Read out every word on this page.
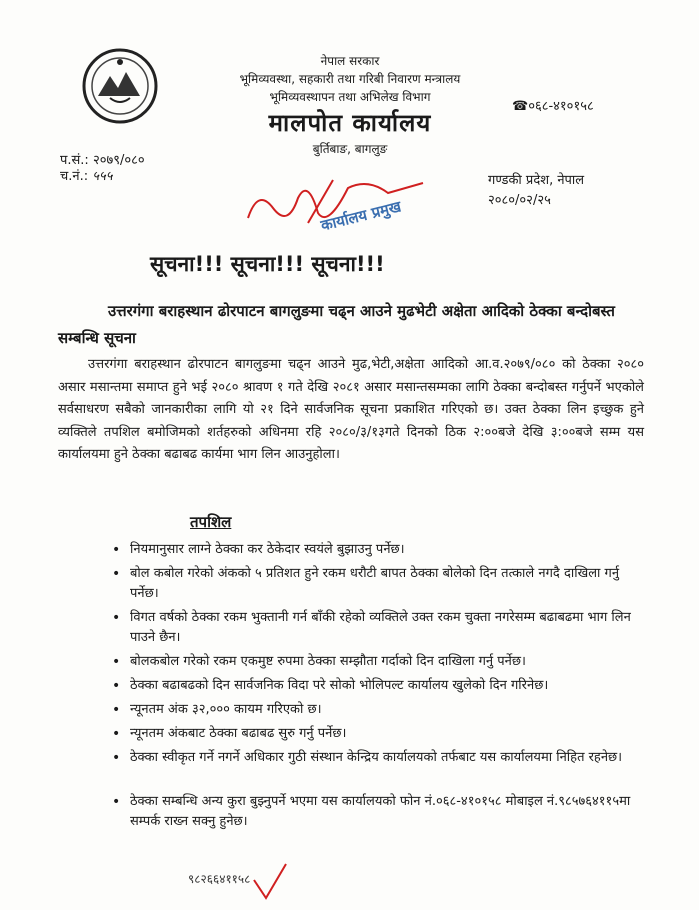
नेपाल सरकार
भूमिव्यवस्था, सहकारी तथा गरिबी निवारण मन्त्रालय
भूमिव्यवस्थापन तथा अभिलेख विभाग
मालपोत कार्यालय
बुर्तिबाङ, बागलुङ
☎०६८-४१०१५८
प.सं.: २०७९/०८०
च.नं.: ५५५	गण्डकी प्रदेश, नेपाल
२०८०/०२/२५
कार्यालय प्रमुख
सूचना!!! सूचना!!! सूचना!!!
उत्तरगंगा बराहस्थान ढोरपाटन बागलुङमा चढ्न आउने मुढभेटी अक्षेता आदिको ठेक्का बन्दोबस्त सम्बन्धि सूचना
उत्तरगंगा बराहस्थान ढोरपाटन बागलुङमा चढ्न आउने मुढ,भेटी,अक्षेता आदिको आ.व.२०७९/०८० को ठेक्का २०८० असार मसान्तमा समाप्त हुने भई २०८० श्रावण १ गते देखि २०८१ असार मसान्तसम्मका लागि ठेक्का बन्दोबस्त गर्नुपर्ने भएकोले सर्वसाधरण सबैको जानकारीका लागि यो २१ दिने सार्वजनिक सूचना प्रकाशित गरिएको छ। उक्त ठेक्का लिन इच्छुक हुने व्यक्तिले तपशिल बमोजिमको शर्तहरुको अधिनमा रहि २०८०/३/१३गते दिनको ठिक २:००बजे देखि ३:००बजे सम्म यस कार्यालयमा हुने ठेक्का बढाबढ कार्यमा भाग लिन आउनुहोला।
तपशिल
• नियमानुसार लाग्ने ठेक्का कर ठेकेदार स्वयंले बुझाउनु पर्नेछ।
• बोल कबोल गरेको अंकको ५ प्रतिशत हुने रकम धरौटी बापत ठेक्का बोलेको दिन तत्काले नगदै दाखिला गर्नु पर्नेछ।
• विगत वर्षको ठेक्का रकम भुक्तानी गर्न बाँकी रहेको व्यक्तिले उक्त रकम चुक्ता नगरेसम्म बढाबढमा भाग लिन पाउने छैन।
• बोलकबोल गरेको रकम एकमुष्ट रुपमा ठेक्का सम्झौता गर्दाको दिन दाखिला गर्नु पर्नेछ।
• ठेक्का बढाबढको दिन सार्वजनिक विदा परे सोको भोलिपल्ट कार्यालय खुलेको दिन गरिनेछ।
• न्यूनतम अंक ३२,००० कायम गरिएको छ।
• न्यूनतम अंकबाट ठेक्का बढाबढ सुरु गर्नु पर्नेछ।
• ठेक्का स्वीकृत गर्ने नगर्ने अधिकार गुठी संस्थान केन्द्रिय कार्यालयको तर्फबाट यस कार्यालयमा निहित रहनेछ।
• ठेक्का सम्बन्धि अन्य कुरा बुझ्नुपर्ने भएमा यस कार्यालयको फोन नं.०६८-४१०१५८ मोबाइल नं.९८५७६४११५मा सम्पर्क राख्न सक्नु हुनेछ।
९८२६६४११५८
